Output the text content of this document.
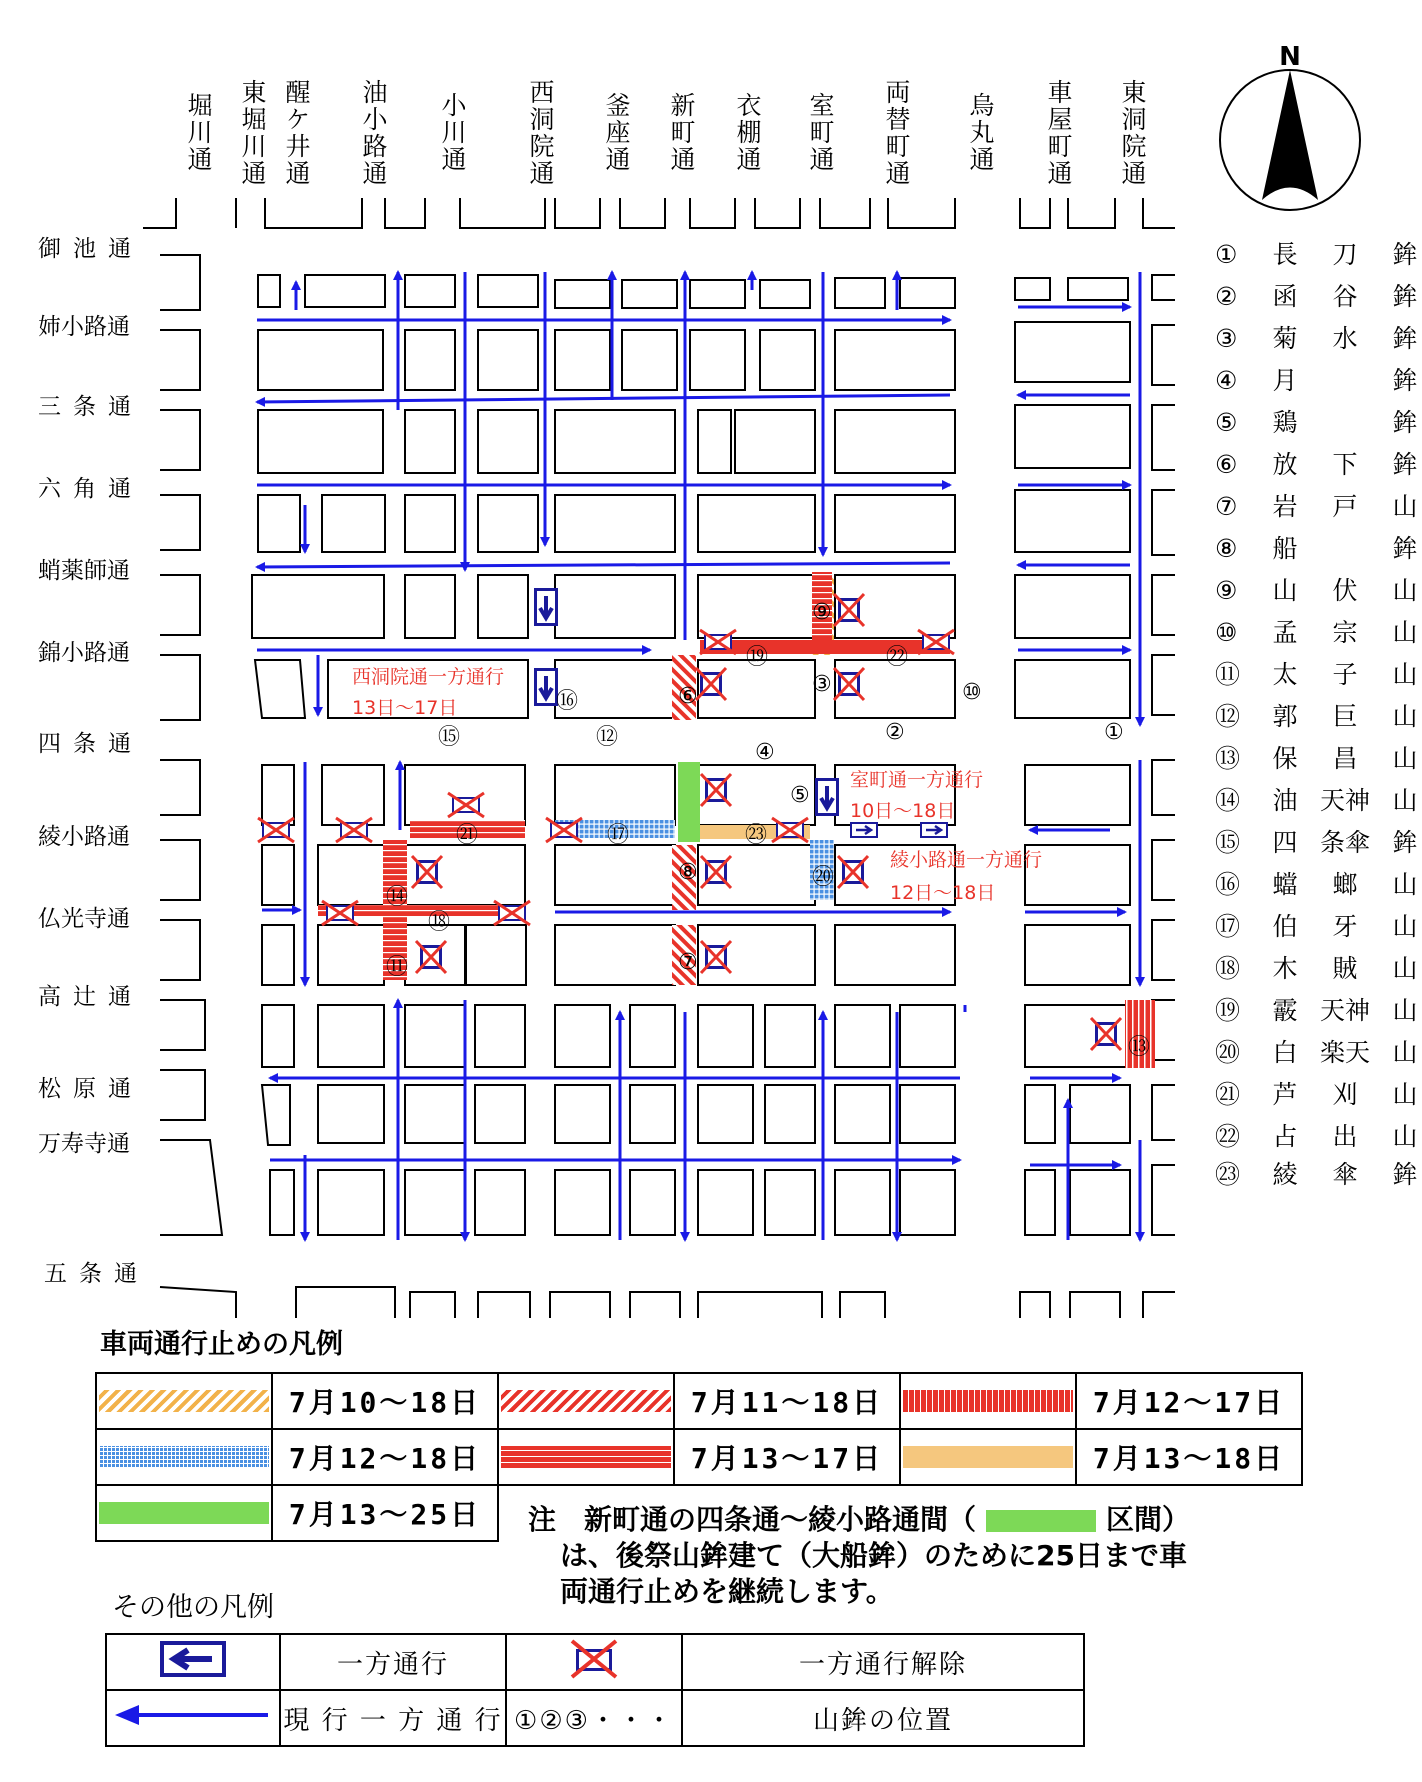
N
堀川通 東堀川通 醒ケ井通 油小路通 小川通 西洞院通 釜座通 新町通 衣棚通 室町通 両替町通 烏丸通 車屋町通 東洞院通
御池通
姉小路通
三条通
六角通
蛸薬師通
錦小路通
四条通
綾小路通
仏光寺通
高辻通
松原通
万寿寺通
五条通
① 長 刀 鉾
② 函 谷 鉾
③ 菊 水 鉾
④ 月	鉾
⑤ 鶏	鉾
⑥ 放 下 鉾
⑦ 岩 戸 山
⑧ 船	鉾
⑨ 山 伏 山
⑩ 孟 宗 山
⑪ 太 子 山
⑫ 郭 巨 山
⑬ 保 昌 山
⑭ 油 天神 山
⑮ 四 条傘 鉾
⑯ 蟷 螂 山
⑰ 伯 牙 山
⑱ 木 賊 山
⑲ 霰 天神 山
⑳ 白 楽天 山
㉑ 芦 刈 山
㉒ 占 出 山
㉓ 綾 傘 鉾
西洞院通一方通行
13日～17日
室町通一方通行
10日～18日
綾小路通一方通行
12日～18日
⑮	⑫
④
②	①
⑯	⑥	③	⑩
⑨
⑲	㉒
⑤
⑰	㉓
㉑
⑳
⑧
⑭
⑱
⑪	⑦
⑬
車両通行止めの凡例
	7月10～18日		7月11～18日		7月12～17日

	7月12～18日		7月13～17日		7月13～18日

	7月13～25日				注　新町通の四条通～綾小路通間（	区間）
は、後祭山鉾建て（大船鉾）のために25日まで車
両通行止めを継続します。
その他の凡例
	一方通行		一方通行解除
	現 行 一 方 通 行	①②③・・・	山鉾の位置
